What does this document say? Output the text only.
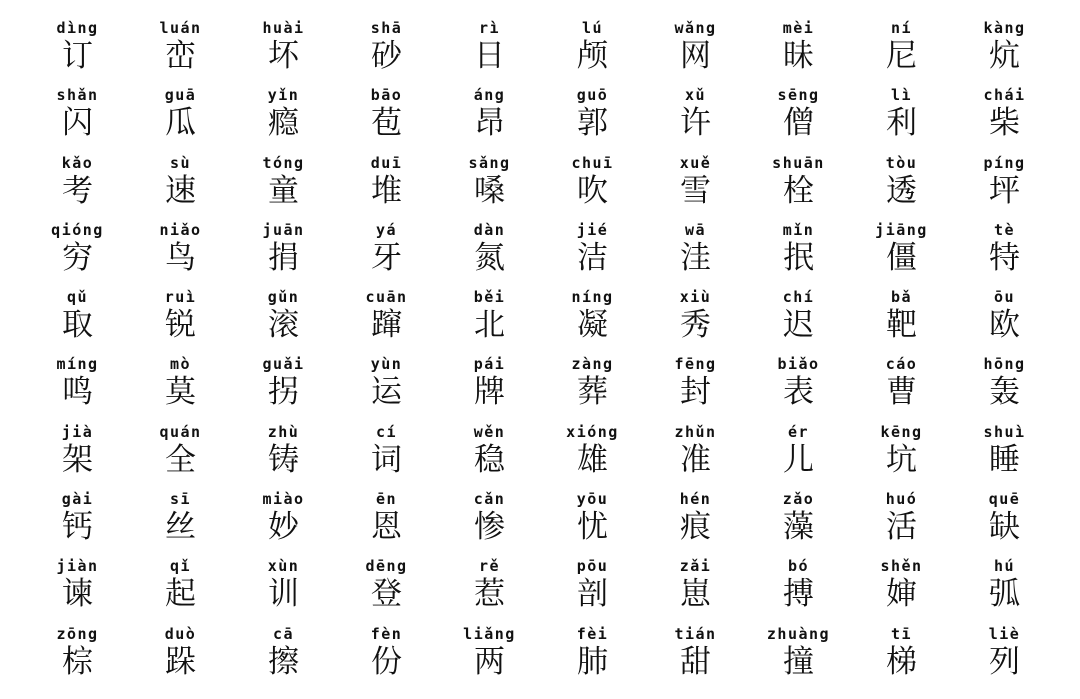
dìng
订
luán
峦
huài
坏
shā
砂
rì
日
lú
颅
wǎng
网
mèi
昧
ní
尼
kàng
炕
shǎn
闪
guā
瓜
yǐn
瘾
bāo
苞
áng
昂
guō
郭
xǔ
许
sēng
僧
lì
利
chái
柴
kǎo
考
sù
速
tóng
童
duī
堆
sǎng
嗓
chuī
吹
xuě
雪
shuān
栓
tòu
透
píng
坪
qióng
穷
niǎo
鸟
juān
捐
yá
牙
dàn
氮
jié
洁
wā
洼
mǐn
抿
jiāng
僵
tè
特
qǔ
取
ruì
锐
gǔn
滚
cuān
蹿
běi
北
níng
凝
xiù
秀
chí
迟
bǎ
靶
ōu
欧
míng
鸣
mò
莫
guǎi
拐
yùn
运
pái
牌
zàng
葬
fēng
封
biǎo
表
cáo
曹
hōng
轰
jià
架
quán
全
zhù
铸
cí
词
wěn
稳
xióng
雄
zhǔn
准
ér
儿
kēng
坑
shuì
睡
gài
钙
sī
丝
miào
妙
ēn
恩
cǎn
惨
yōu
忧
hén
痕
zǎo
藻
huó
活
quē
缺
jiàn
谏
qǐ
起
xùn
训
dēng
登
rě
惹
pōu
剖
zǎi
崽
bó
搏
shěn
婶
hú
弧
zōng
棕
duò
跺
cā
擦
fèn
份
liǎng
两
fèi
肺
tián
甜
zhuàng
撞
tī
梯
liè
列
